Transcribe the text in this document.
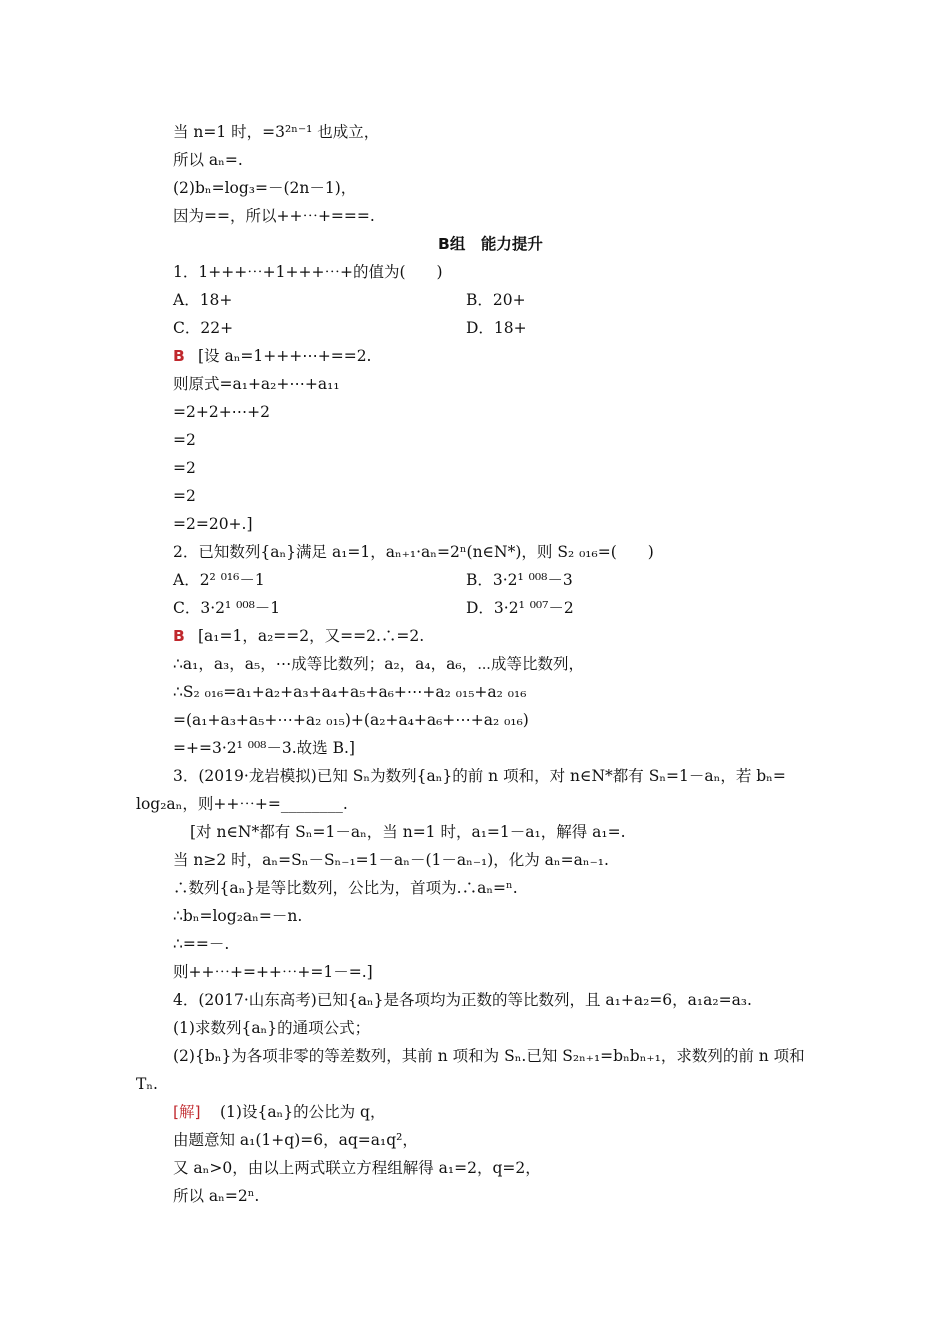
当 n=1 时，=3²ⁿ⁻¹ 也成立，
所以 aₙ=.
(2)bₙ=log₃=－(2n－1)，
因为==，所以++⋯+===.
B组　能力提升
1．1+++⋯+1+++⋯+的值为(　　)
A．18+	B．20+
C．22+	D．18+
B [设 aₙ=1+++⋯+==2.
则原式=a₁+a₂+⋯+a₁₁
=2+2+⋯+2
=2
=2
=2
=2=20+.]
2．已知数列{aₙ}满足 a₁=1，aₙ₊₁·aₙ=2ⁿ(n∈N*)，则 S₂ ₀₁₆=(　　)
A．2² ⁰¹⁶－1	B．3·2¹ ⁰⁰⁸－3
C．3·2¹ ⁰⁰⁸－1	D．3·2¹ ⁰⁰⁷－2
B [a₁=1，a₂==2，又==2.∴=2.
∴a₁，a₃，a₅，⋯成等比数列；a₂，a₄，a₆，⋯成等比数列，
∴S₂ ₀₁₆=a₁+a₂+a₃+a₄+a₅+a₆+⋯+a₂ ₀₁₅+a₂ ₀₁₆
=(a₁+a₃+a₅+⋯+a₂ ₀₁₅)+(a₂+a₄+a₆+⋯+a₂ ₀₁₆)
=+=3·2¹ ⁰⁰⁸－3.故选 B.]
3．(2019·龙岩模拟)已知 Sₙ为数列{aₙ}的前 n 项和，对 n∈N*都有 Sₙ=1－aₙ，若 bₙ=
log₂aₙ，则++⋯+=________.
[对 n∈N*都有 Sₙ=1－aₙ，当 n=1 时，a₁=1－a₁，解得 a₁=.
当 n≥2 时，aₙ=Sₙ－Sₙ₋₁=1－aₙ－(1－aₙ₋₁)，化为 aₙ=aₙ₋₁.
∴数列{aₙ}是等比数列，公比为，首项为.∴aₙ=ⁿ.
∴bₙ=log₂aₙ=－n.
∴==－.
则++⋯+=++⋯+=1－=.]
4．(2017·山东高考)已知{aₙ}是各项均为正数的等比数列，且 a₁+a₂=6，a₁a₂=a₃.
(1)求数列{aₙ}的通项公式；
(2){bₙ}为各项非零的等差数列，其前 n 项和为 Sₙ.已知 S₂ₙ₊₁=bₙbₙ₊₁，求数列的前 n 项和
Tₙ.
[解] (1)设{aₙ}的公比为 q，
由题意知 a₁(1+q)=6，aq=a₁q²，
又 aₙ>0，由以上两式联立方程组解得 a₁=2，q=2，
所以 aₙ=2ⁿ.
